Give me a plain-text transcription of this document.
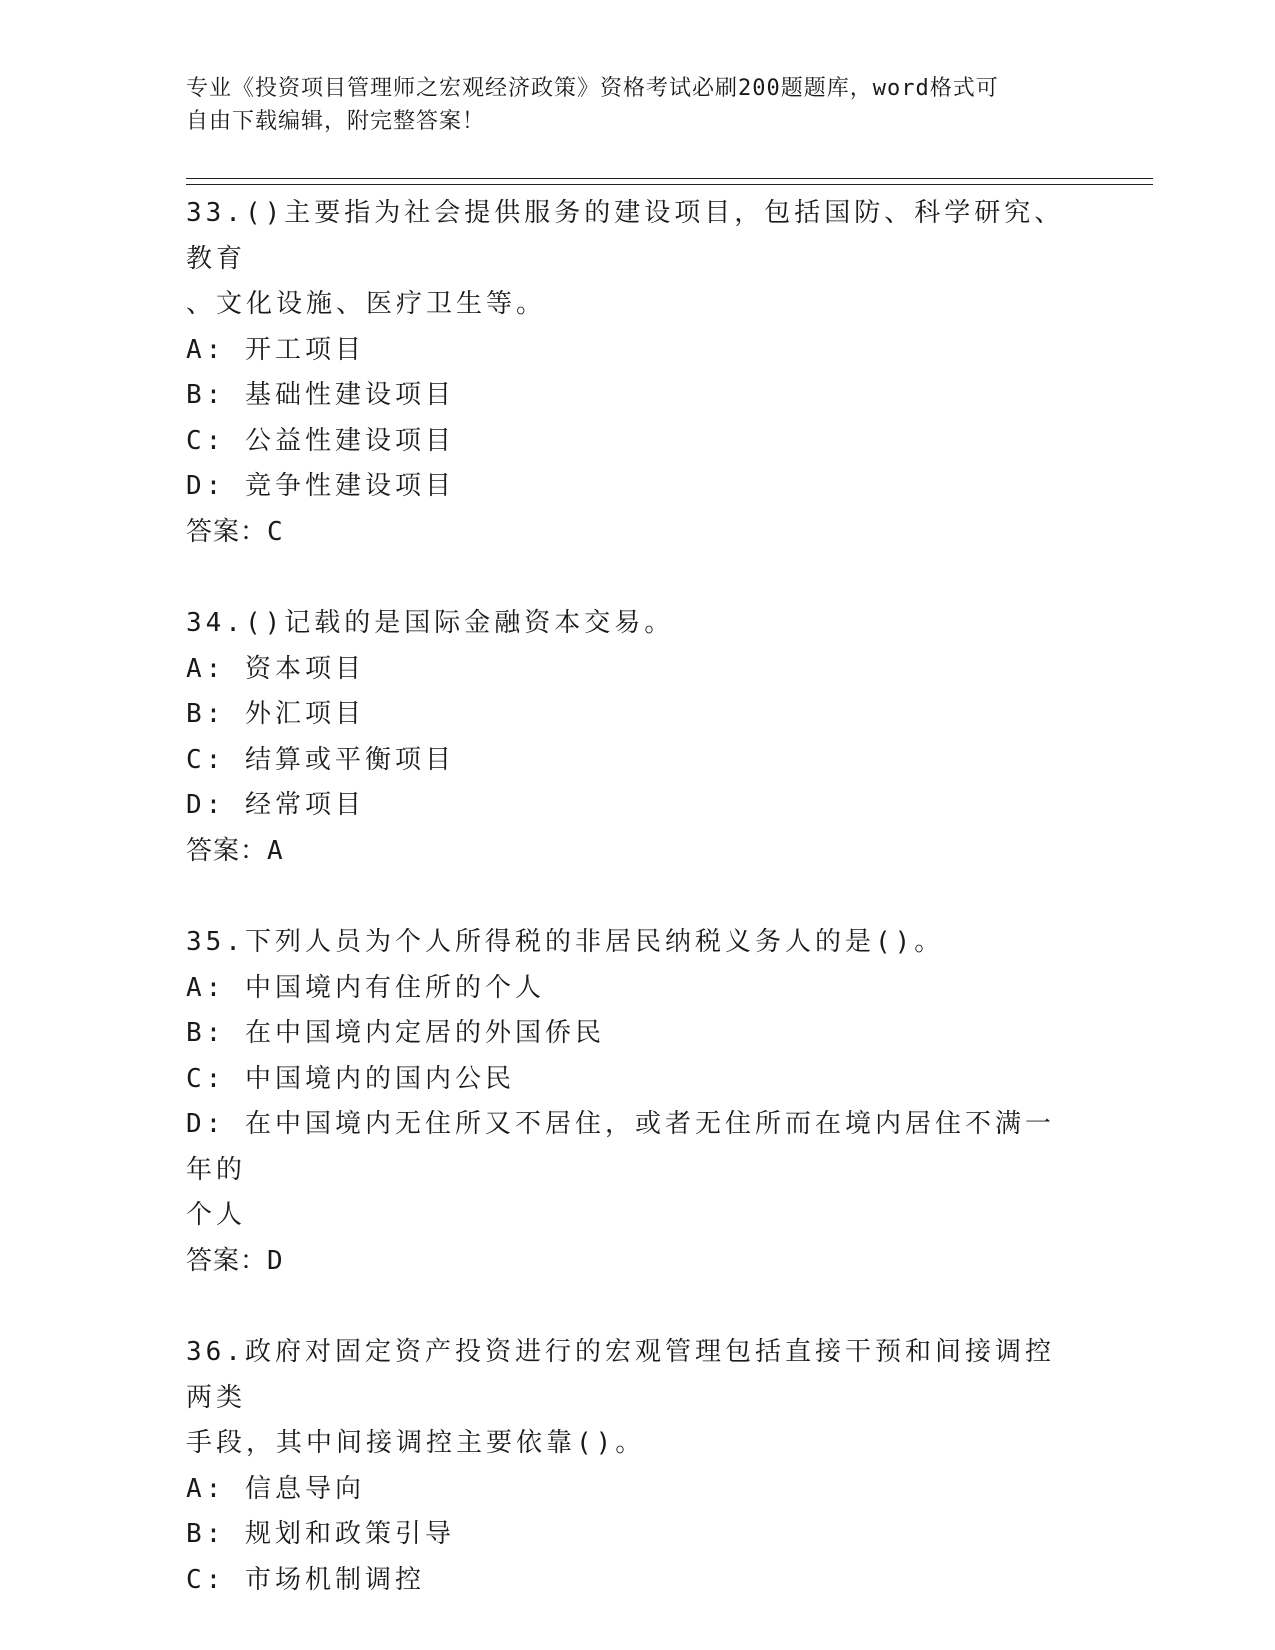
专业《投资项目管理师之宏观经济政策》资格考试必刷200题题库，word格式可
自由下载编辑，附完整答案！
33.()主要指为社会提供服务的建设项目，包括国防、科学研究、教育
、文化设施、医疗卫生等。
A: 开工项目
B: 基础性建设项目
C: 公益性建设项目
D: 竞争性建设项目
答案：C
34.()记载的是国际金融资本交易。
A: 资本项目
B: 外汇项目
C: 结算或平衡项目
D: 经常项目
答案：A
35.下列人员为个人所得税的非居民纳税义务人的是()。
A: 中国境内有住所的个人
B: 在中国境内定居的外国侨民
C: 中国境内的国内公民
D: 在中国境内无住所又不居住，或者无住所而在境内居住不满一年的
个人
答案：D
36.政府对固定资产投资进行的宏观管理包括直接干预和间接调控两类
手段，其中间接调控主要依靠()。
A: 信息导向
B: 规划和政策引导
C: 市场机制调控
